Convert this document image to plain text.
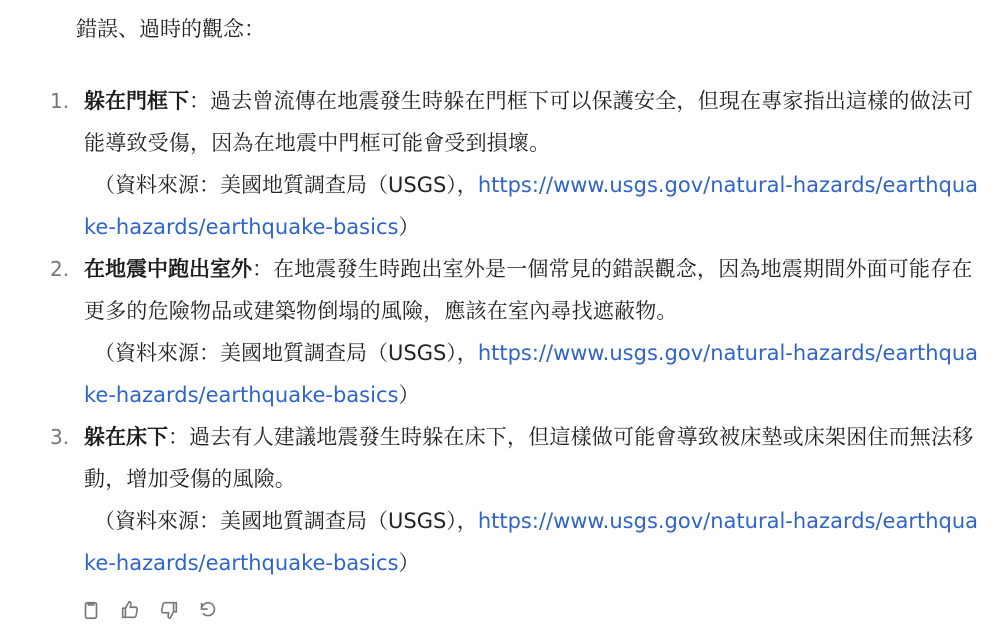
錯誤、過時的觀念：
1. 躲在門框下：過去曾流傳在地震發生時躲在門框下可以保護安全，但現在專家指出這樣的做法可能導致受傷，因為在地震中門框可能會受到損壞。
（資料來源：美國地質調查局（USGS），https://www.usgs.gov/natural-hazards/earthquake-hazards/earthquake-basics）
2. 在地震中跑出室外：在地震發生時跑出室外是一個常見的錯誤觀念，因為地震期間外面可能存在更多的危險物品或建築物倒塌的風險，應該在室內尋找遮蔽物。
（資料來源：美國地質調查局（USGS），https://www.usgs.gov/natural-hazards/earthquake-hazards/earthquake-basics）
3. 躲在床下：過去有人建議地震發生時躲在床下，但這樣做可能會導致被床墊或床架困住而無法移動，增加受傷的風險。
（資料來源：美國地質調查局（USGS），https://www.usgs.gov/natural-hazards/earthquake-hazards/earthquake-basics）
